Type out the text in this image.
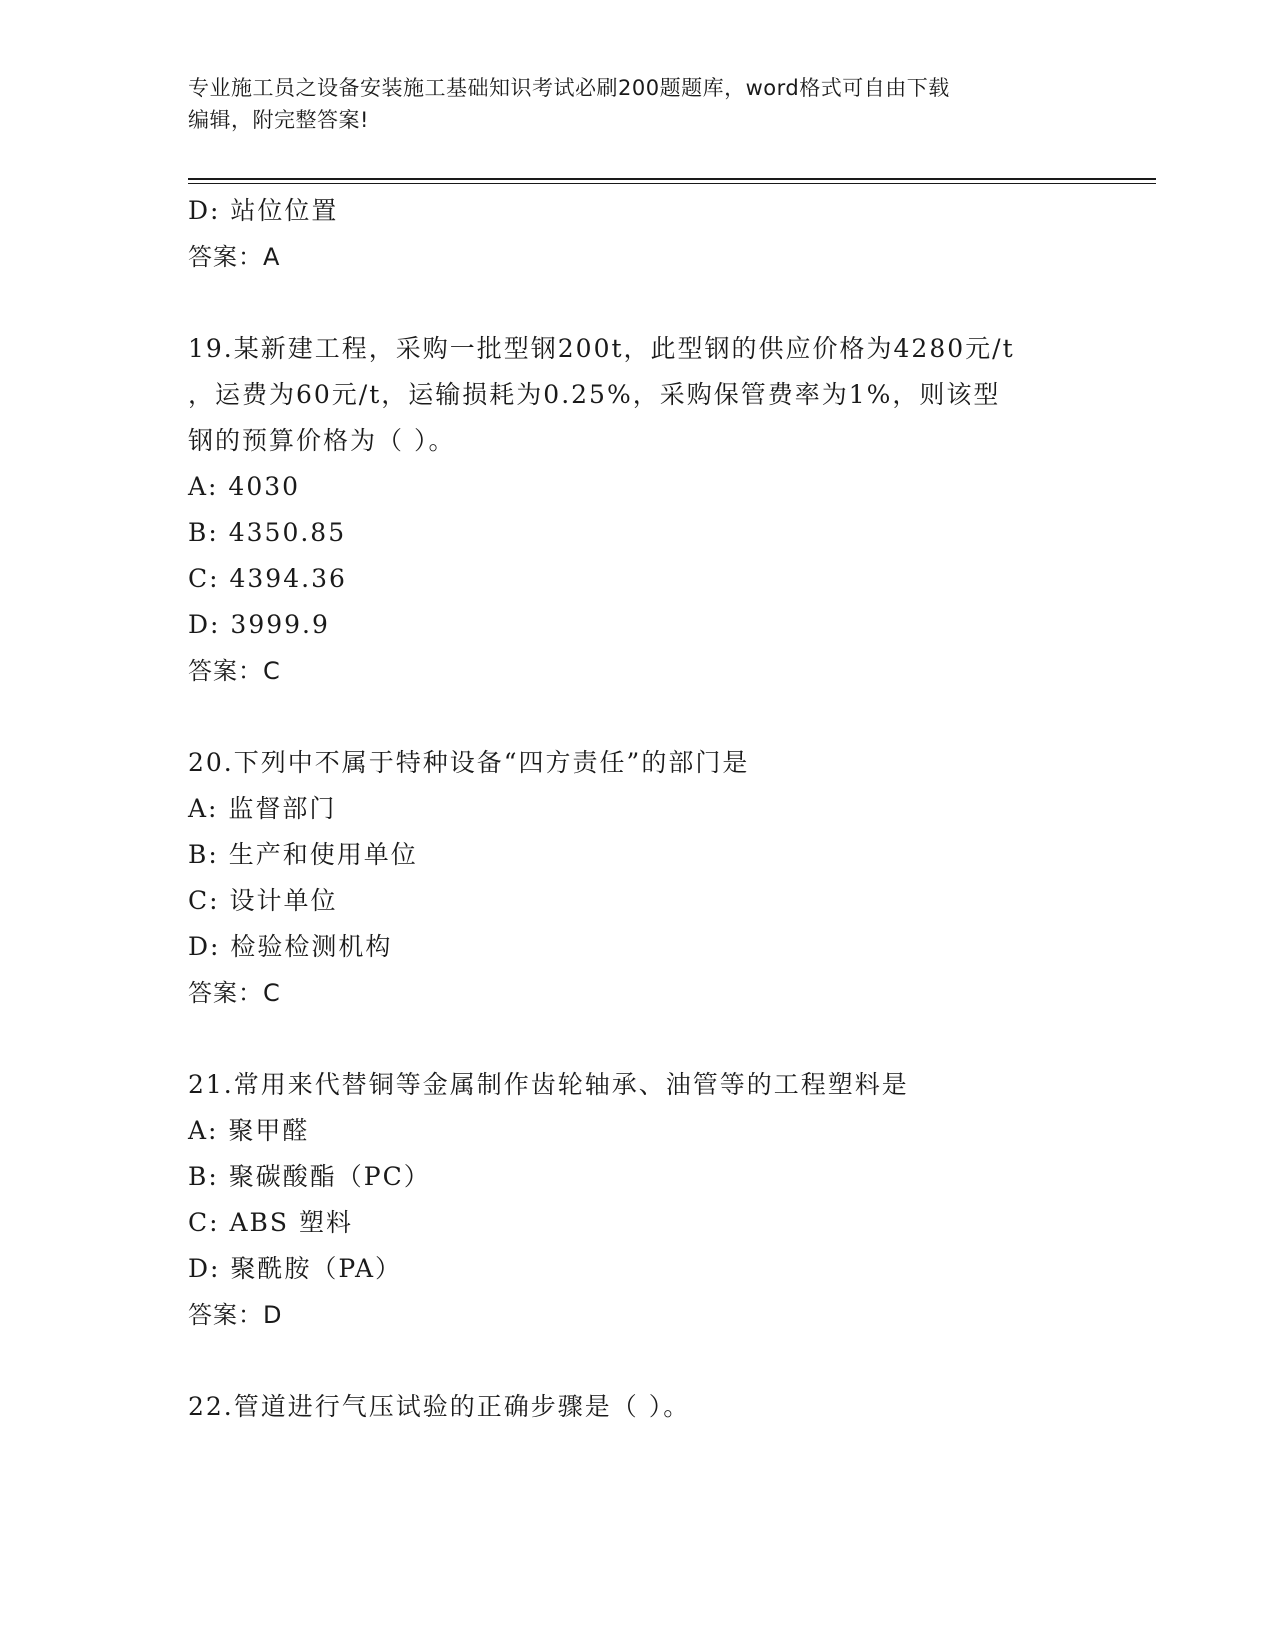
专业施工员之设备安装施工基础知识考试必刷200题题库，word格式可自由下载
编辑，附完整答案!
D: 站位位置
答案：A
19.某新建工程，采购一批型钢200t，此型钢的供应价格为4280元/t
，运费为60元/t，运输损耗为0.25%，采购保管费率为1%，则该型
钢的预算价格为（ ）。
A: 4030
B: 4350.85
C: 4394.36
D: 3999.9
答案：C
20.下列中不属于特种设备“四方责任”的部门是
A: 监督部门
B: 生产和使用单位
C: 设计单位
D: 检验检测机构
答案：C
21.常用来代替铜等金属制作齿轮轴承、油管等的工程塑料是
A: 聚甲醛
B: 聚碳酸酯（PC）
C: ABS 塑料
D: 聚酰胺（PA）
答案：D
22.管道进行气压试验的正确步骤是（ ）。
